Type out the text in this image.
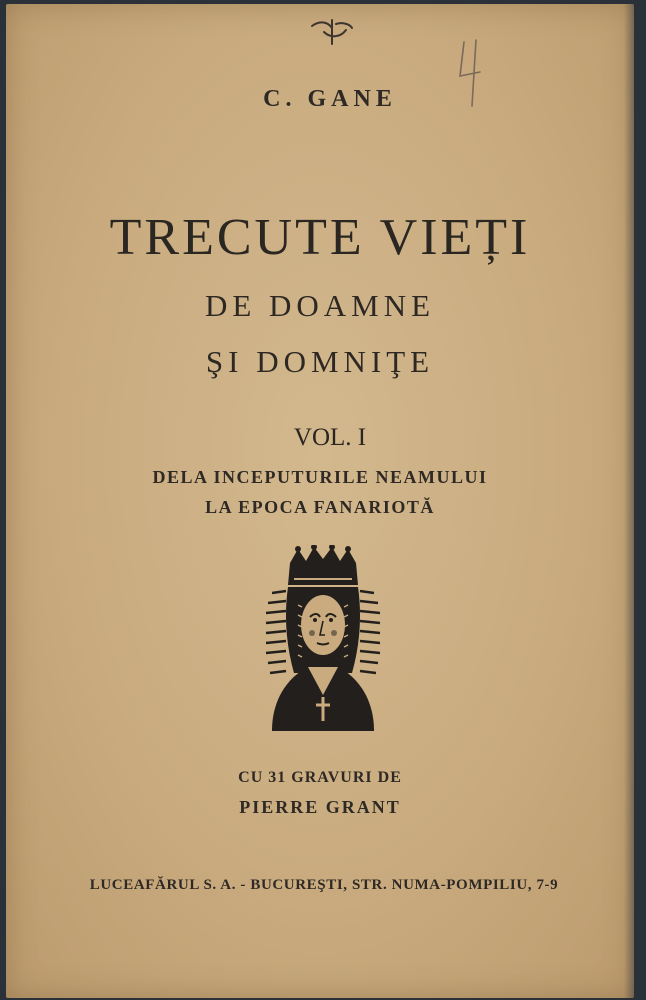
C. GANE
TRECUTE VIEȚI
DE DOAMNE
ŞI DOMNIŢE
VOL. I
DELA INCEPUTURILE NEAMULUI
LA EPOCA FANARIOTĂ
CU 31 GRAVURI DE
PIERRE GRANT
LUCEAFĂRUL S. A. - BUCUREŞTI, STR. NUMA-POMPILIU, 7-9
